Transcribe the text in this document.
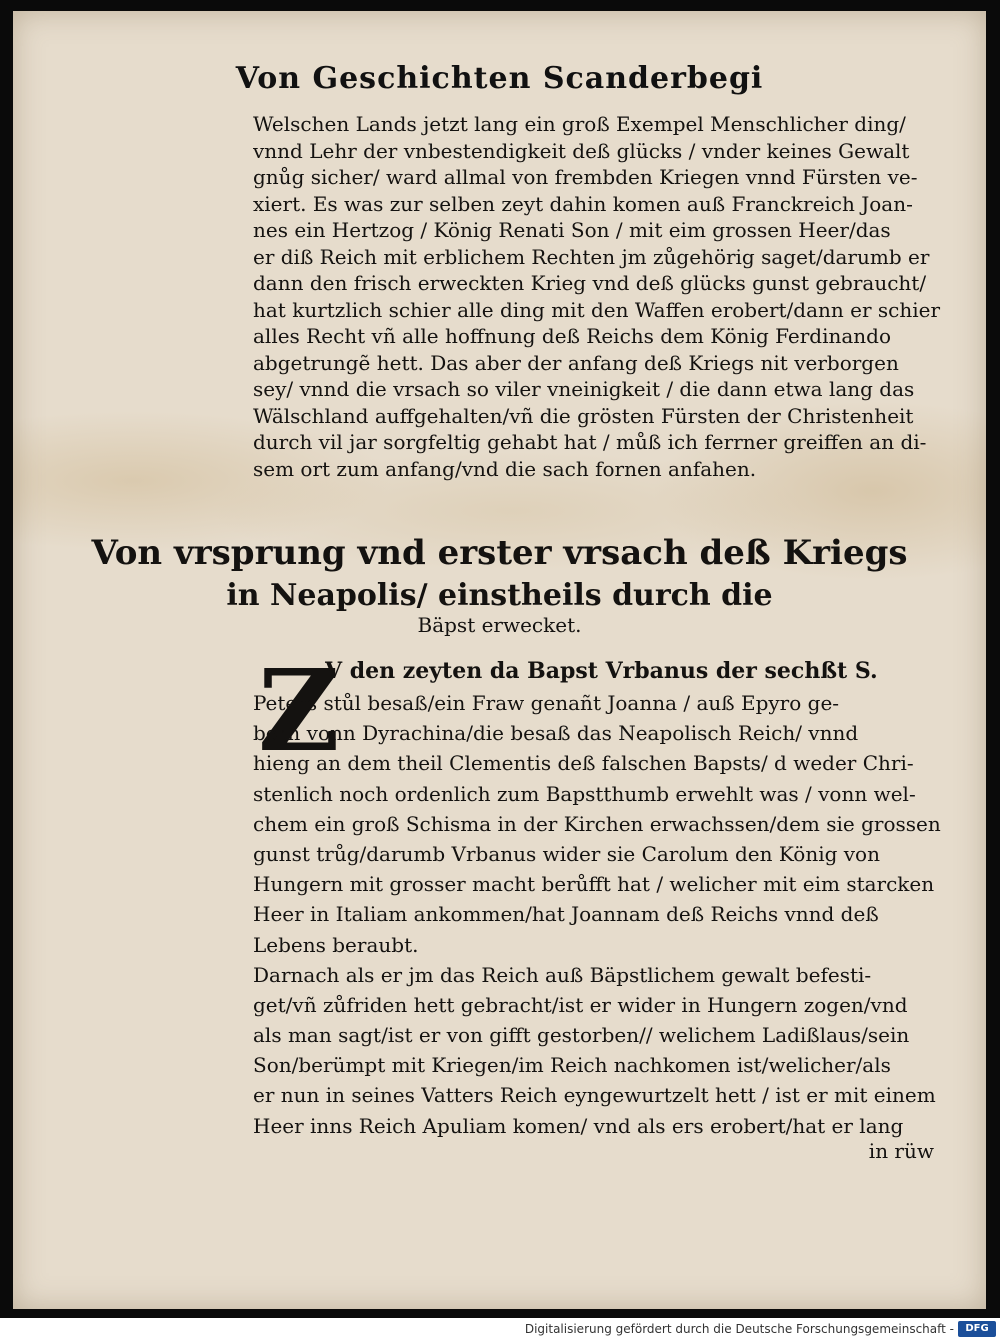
Von Geschichten Scanderbegi
Welschen Lands jetzt lang ein groß Exempel Menschlicher ding/
vnnd Lehr der vnbestendigkeit deß glücks / vnder keines Gewalt
gnůg sicher/ ward allmal von frembden Kriegen vnnd Fürsten ve-
xiert. Es was zur selben zeyt dahin komen auß Franckreich Joan-
nes ein Hertzog / König Renati Son / mit eim grossen Heer/das
er diß Reich mit erblichem Rechten jm zůgehörig saget/darumb er
dann den frisch erweckten Krieg vnd deß glücks gunst gebraucht/
hat kurtzlich schier alle ding mit den Waffen erobert/dann er schier
alles Recht vñ alle hoffnung deß Reichs dem König Ferdinando
abgetrungẽ hett. Das aber der anfang deß Kriegs nit verborgen
sey/ vnnd die vrsach so viler vneinigkeit / die dann etwa lang das
Wälschland auffgehalten/vñ die grösten Fürsten der Christenheit
durch vil jar sorgfeltig gehabt hat / můß ich ferrner greiffen an di-
sem ort zum anfang/vnd die sach fornen anfahen.
Von vrsprung vnd erster vrsach deß Kriegs
in Neapolis/ einstheils durch die
Bäpst erwecket.
Z
V den zeyten da Bapst Vrbanus der sechßt S.
Peters stůl besaß/ein Fraw genañt Joanna / auß Epyro ge-
born vonn Dyrachina/die besaß das Neapolisch Reich/ vnnd
hieng an dem theil Clementis deß falschen Bapsts/ d weder Chri-
stenlich noch ordenlich zum Bapstthumb erwehlt was / vonn wel-
chem ein groß Schisma in der Kirchen erwachssen/dem sie grossen
gunst trůg/darumb Vrbanus wider sie Carolum den König von
Hungern mit grosser macht berůfft hat / welicher mit eim starcken
Heer in Italiam ankommen/hat Joannam deß Reichs vnnd deß
Lebens beraubt.
Darnach als er jm das Reich auß Bäpstlichem gewalt befesti-
get/vñ zůfriden hett gebracht/ist er wider in Hungern zogen/vnd
als man sagt/ist er von gifft gestorben// welichem Ladißlaus/sein
Son/berümpt mit Kriegen/im Reich nachkomen ist/welicher/als
er nun in seines Vatters Reich eyngewurtzelt hett / ist er mit einem
Heer inns Reich Apuliam komen/ vnd als ers erobert/hat er lang
in rüw
Digitalisierung gefördert durch die Deutsche Forschungsgemeinschaft -	DFG
